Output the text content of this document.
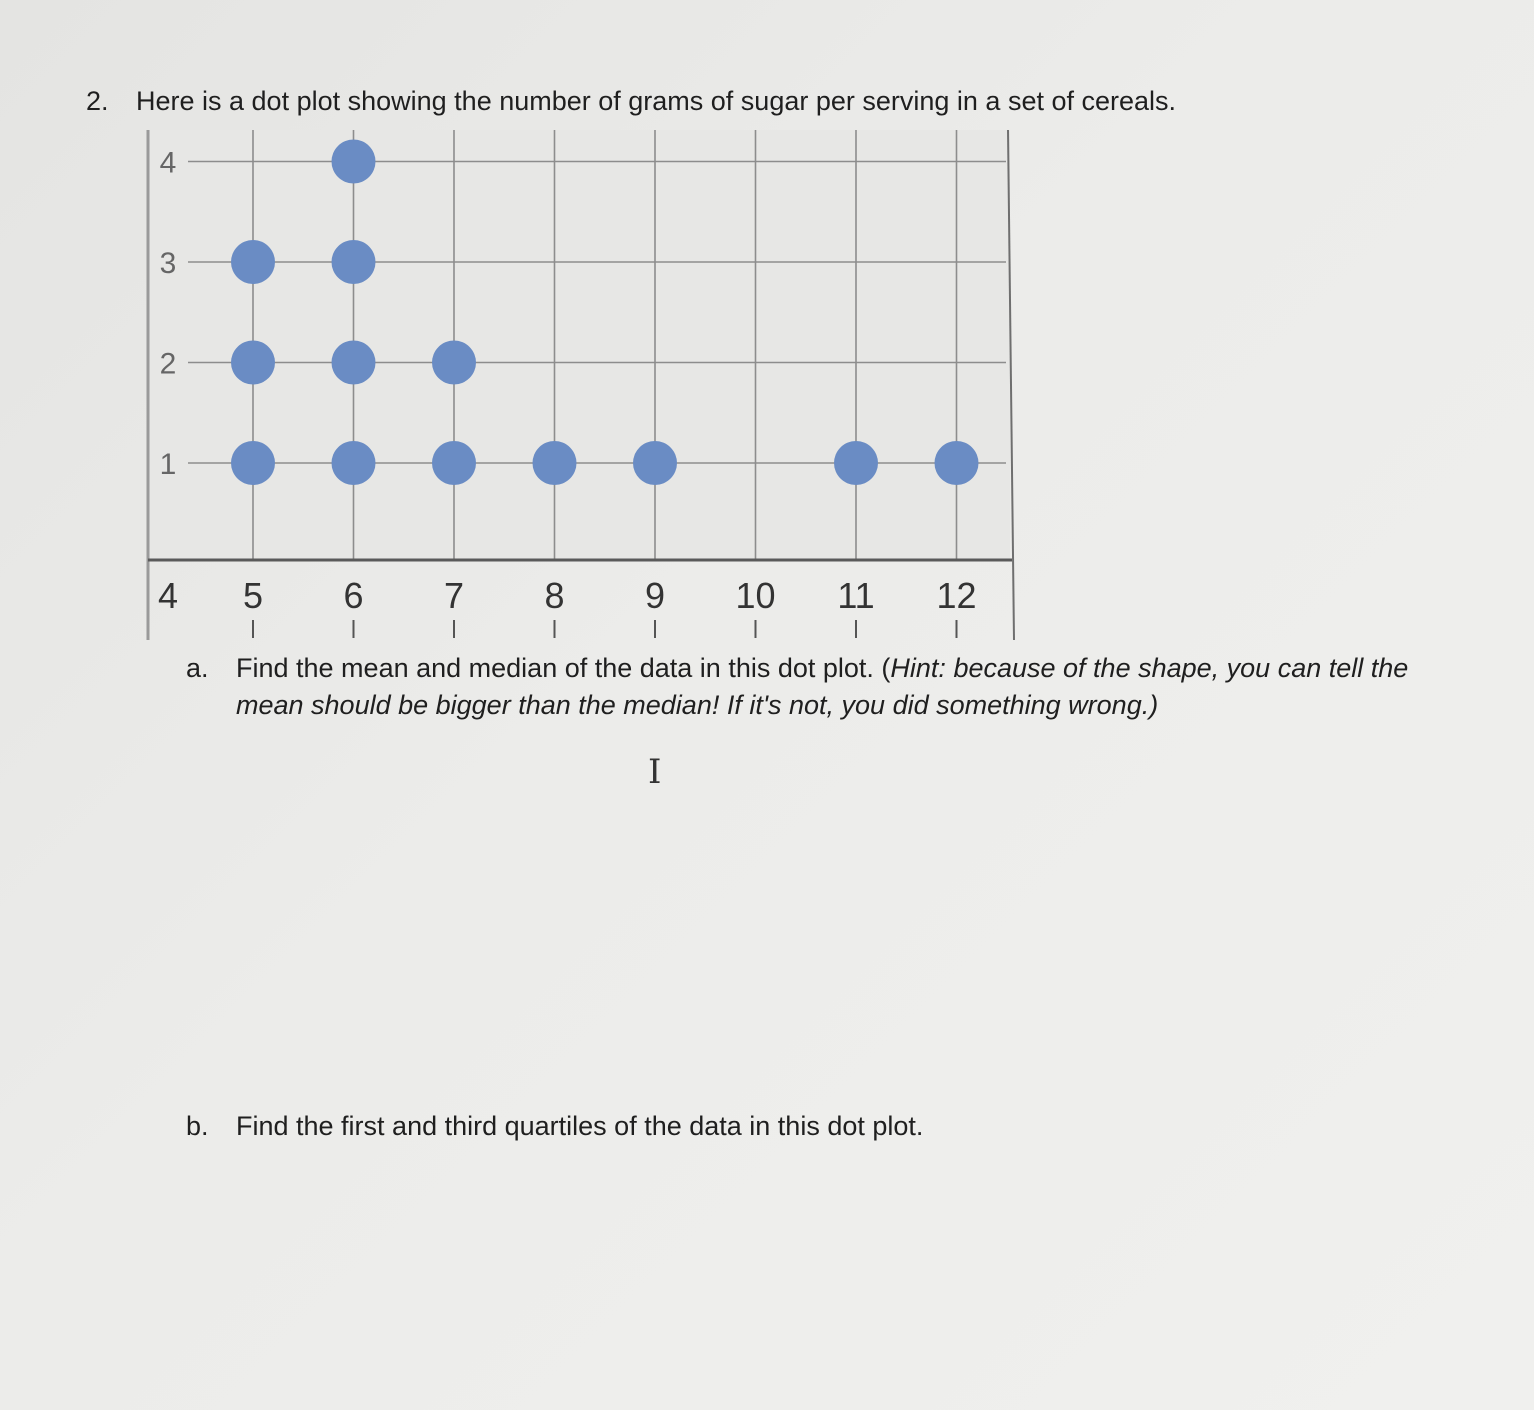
2. Here is a dot plot showing the number of grams of sugar per serving in a set of cereals.
1
2
3
4
4 5 6 7 8 9 10 11 12
a. Find the mean and median of the data in this dot plot. (Hint: because of the shape, you can tell the mean should be bigger than the median! If it's not, you did something wrong.)
I
b. Find the first and third quartiles of the data in this dot plot.
